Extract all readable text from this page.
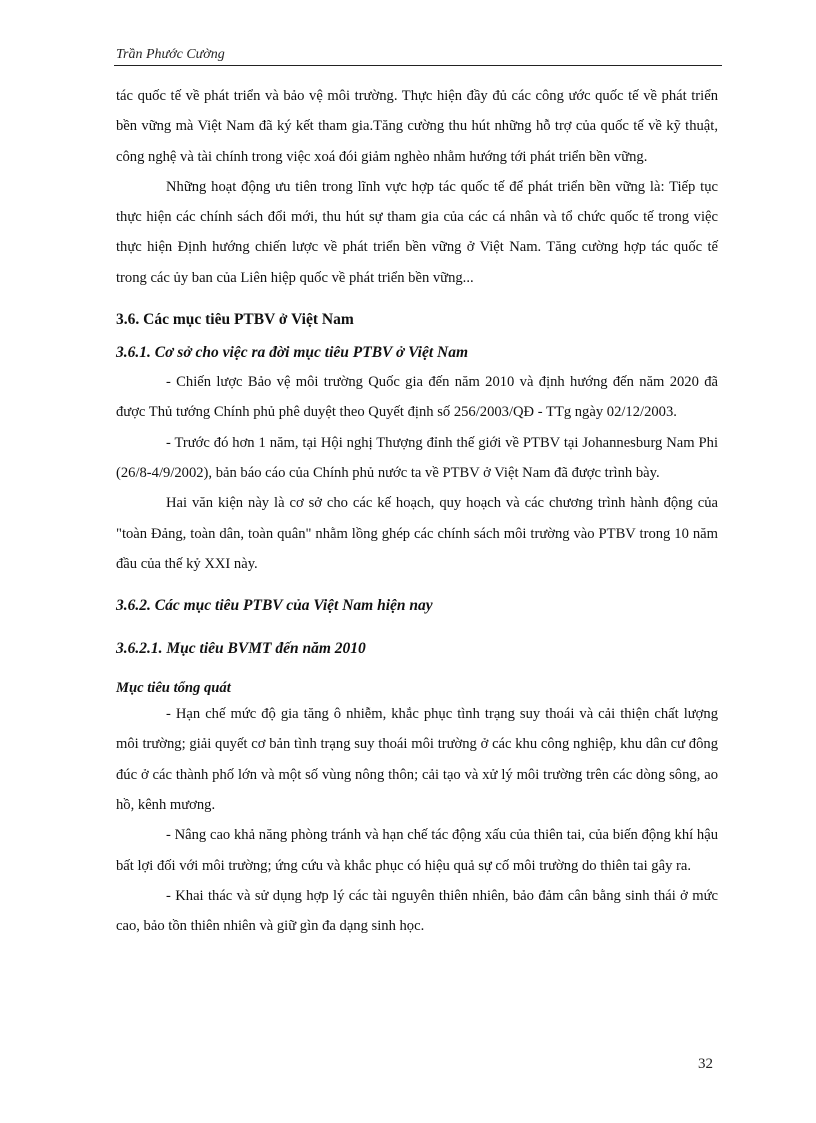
Trần Phước Cường

tác quốc tế về phát triển và bảo vệ môi trường. Thực hiện đầy đủ các công ước quốc tế về phát triển bền vững mà Việt Nam đã ký kết tham gia.Tăng cường thu hút những hỗ trợ của quốc tế về kỹ thuật, công nghệ và tài chính trong việc xoá đói giảm nghèo nhằm hướng tới phát triển bền vững.

Những hoạt động ưu tiên trong lĩnh vực hợp tác quốc tế để phát triển bền vững là: Tiếp tục thực hiện các chính sách đổi mới, thu hút sự tham gia của các cá nhân và tổ chức quốc tế trong việc thực hiện Định hướng chiến lược về phát triển bền vững ở Việt Nam. Tăng cường hợp tác quốc tế trong các ủy ban của Liên hiệp quốc về phát triển bền vững...

3.6. Các mục tiêu PTBV ở Việt Nam
3.6.1. Cơ sở cho việc ra đời mục tiêu PTBV ở Việt Nam

- Chiến lược Bảo vệ môi trường Quốc gia đến năm 2010 và định hướng đến năm 2020 đã được Thủ tướng Chính phủ phê duyệt theo Quyết định số 256/2003/QĐ - TTg ngày 02/12/2003.

- Trước đó hơn 1 năm, tại Hội nghị Thượng đỉnh thế giới về PTBV tại Johannesburg Nam Phi (26/8-4/9/2002), bản báo cáo của Chính phủ nước ta về PTBV ở Việt Nam đã được trình bày.

Hai văn kiện này là cơ sở cho các kế hoạch, quy hoạch và các chương trình hành động của "toàn Đảng, toàn dân, toàn quân" nhằm lồng ghép các chính sách môi trường vào PTBV trong 10 năm đầu của thế kỷ XXI này.

3.6.2. Các mục tiêu PTBV của Việt Nam hiện nay
3.6.2.1. Mục tiêu BVMT đến năm 2010
Mục tiêu tổng quát

- Hạn chế mức độ gia tăng ô nhiễm, khắc phục tình trạng suy thoái và cải thiện chất lượng môi trường; giải quyết cơ bản tình trạng suy thoái môi trường ở các khu công nghiệp, khu dân cư đông đúc ở các thành phố lớn và một số vùng nông thôn; cải tạo và xử lý môi trường trên các dòng sông, ao hồ, kênh mương.

- Nâng cao khả năng phòng tránh và hạn chế tác động xấu của thiên tai, của biến động khí hậu bất lợi đối với môi trường; ứng cứu và khắc phục có hiệu quả sự cố môi trường do thiên tai gây ra.

- Khai thác và sử dụng hợp lý các tài nguyên thiên nhiên, bảo đảm cân bằng sinh thái ở mức cao, bảo tồn thiên nhiên và giữ gìn đa dạng sinh học.

32
